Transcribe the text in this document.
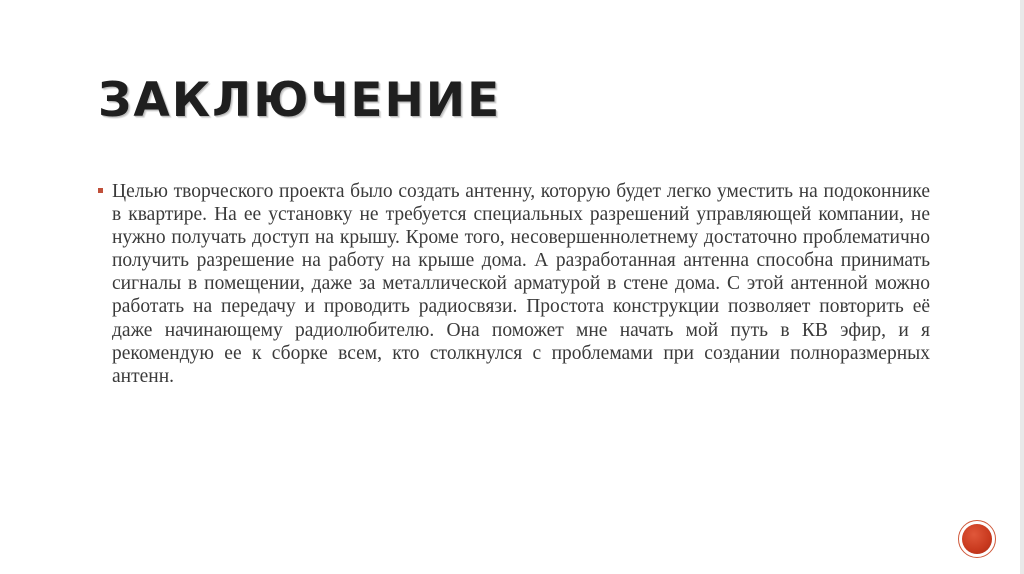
ЗАКЛЮЧЕНИЕ

Целью творческого проекта было создать антенну, которую будет легко уместить на подоконнике в квартире. На ее установку не требуется специальных разрешений управляющей компании, не нужно получать доступ на крышу. Кроме того, несовершеннолетнему достаточно проблематично получить разрешение на работу на крыше дома. А разработанная антенна способна принимать сигналы в помещении, даже за металлической арматурой в стене дома. С этой антенной можно работать на передачу и проводить радиосвязи. Простота конструкции позволяет повторить её даже начинающему радиолюбителю. Она поможет мне начать мой путь в КВ эфир, и я рекомендую ее к сборке всем, кто столкнулся с проблемами при создании полноразмерных антенн.
